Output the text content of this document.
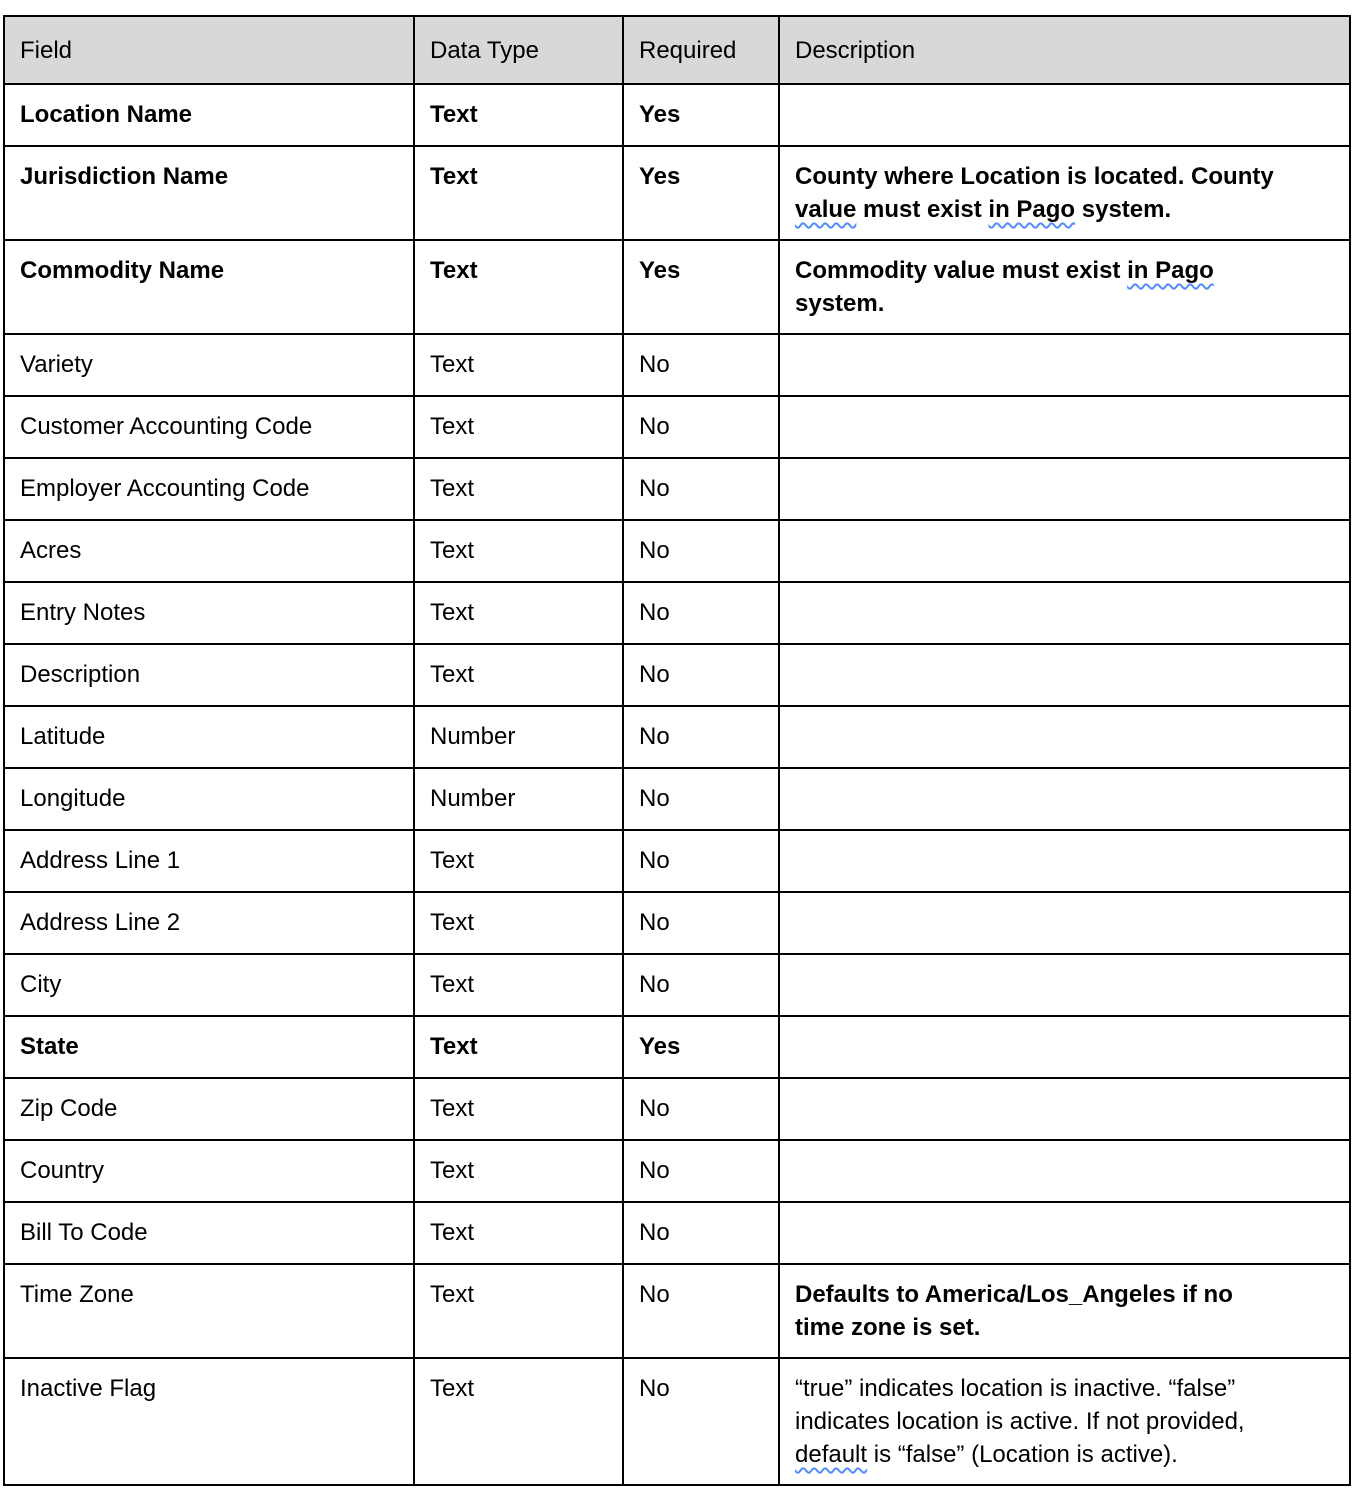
Field	Data Type	Required	Description
Location Name	Text	Yes	
Jurisdiction Name	Text	Yes	County where Location is located. County
value must exist in Pago system.

Commodity Name	Text	Yes	Commodity value must exist in Pago
system.

Variety	Text	No	
Customer Accounting Code	Text	No	
Employer Accounting Code	Text	No	
Acres	Text	No	
Entry Notes	Text	No	
Description	Text	No	
Latitude	Number	No	
Longitude	Number	No	
Address Line 1	Text	No	
Address Line 2	Text	No	
City	Text	No	
State	Text	Yes	
Zip Code	Text	No	
Country	Text	No	
Bill To Code	Text	No	
Time Zone	Text	No	Defaults to America/Los_Angeles if no
time zone is set.

Inactive Flag	Text	No	“true” indicates location is inactive. “false”
indicates location is active. If not provided,
default is “false” (Location is active).
